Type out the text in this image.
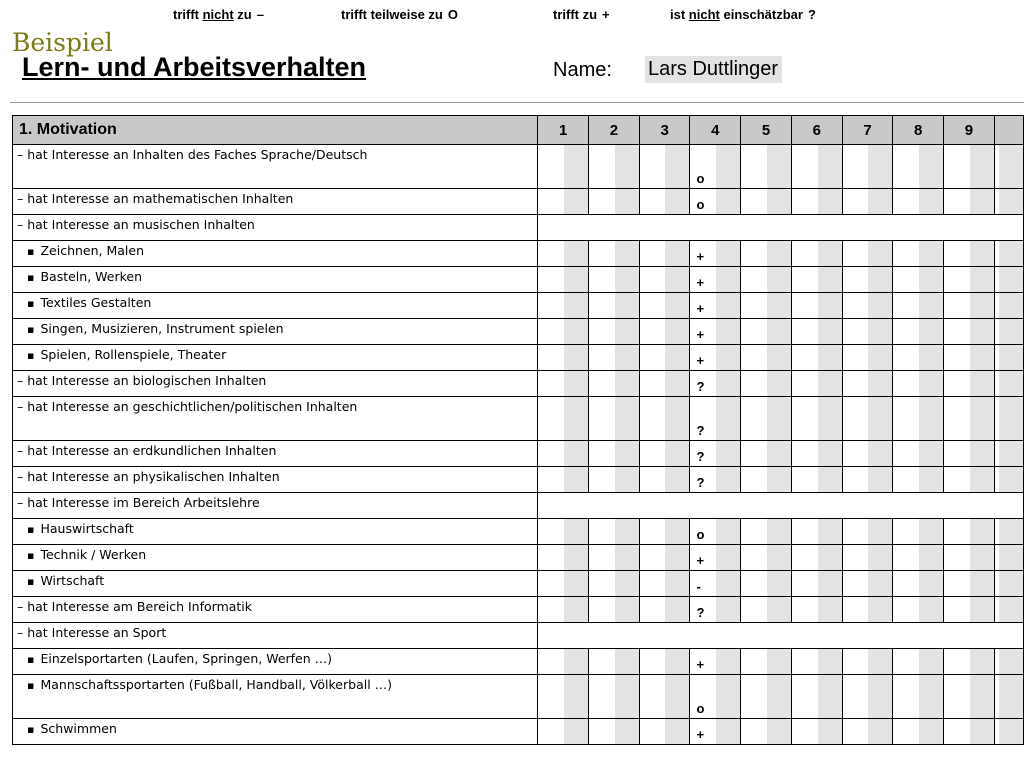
trifft nicht zu –	trifft teilweise zu O	trifft zu +	ist nicht einschätzbar ?
Beispiel
Lern- und Arbeitsverhalten	Name: Lars Duttlinger
1. Motivation	1	2	3	4	5	6	7	8	9	
– hat Interesse an Inhalten des Faches Sprache/Deutsch				o						

– hat Interesse an mathematischen Inhalten				o						

– hat Interesse an musischen Inhalten										
▪ Zeichnen, Malen				+						

▪ Basteln, Werken				+						

▪ Textiles Gestalten				+						

▪ Singen, Musizieren, Instrument spielen				+						

▪ Spielen, Rollenspiele, Theater				+						

– hat Interesse an biologischen Inhalten				?						

– hat Interesse an geschichtlichen/politischen Inhalten				?						

– hat Interesse an erdkundlichen Inhalten				?						

– hat Interesse an physikalischen Inhalten				?						

– hat Interesse im Bereich Arbeitslehre										
▪ Hauswirtschaft				o						

▪ Technik / Werken				+						

▪ Wirtschaft				-						

– hat Interesse am Bereich Informatik				?						

– hat Interesse an Sport										
▪ Einzelsportarten (Laufen, Springen, Werfen …)				+						

▪ Mannschaftssportarten (Fußball, Handball, Völkerball …)				o						

▪ Schwimmen				+						
